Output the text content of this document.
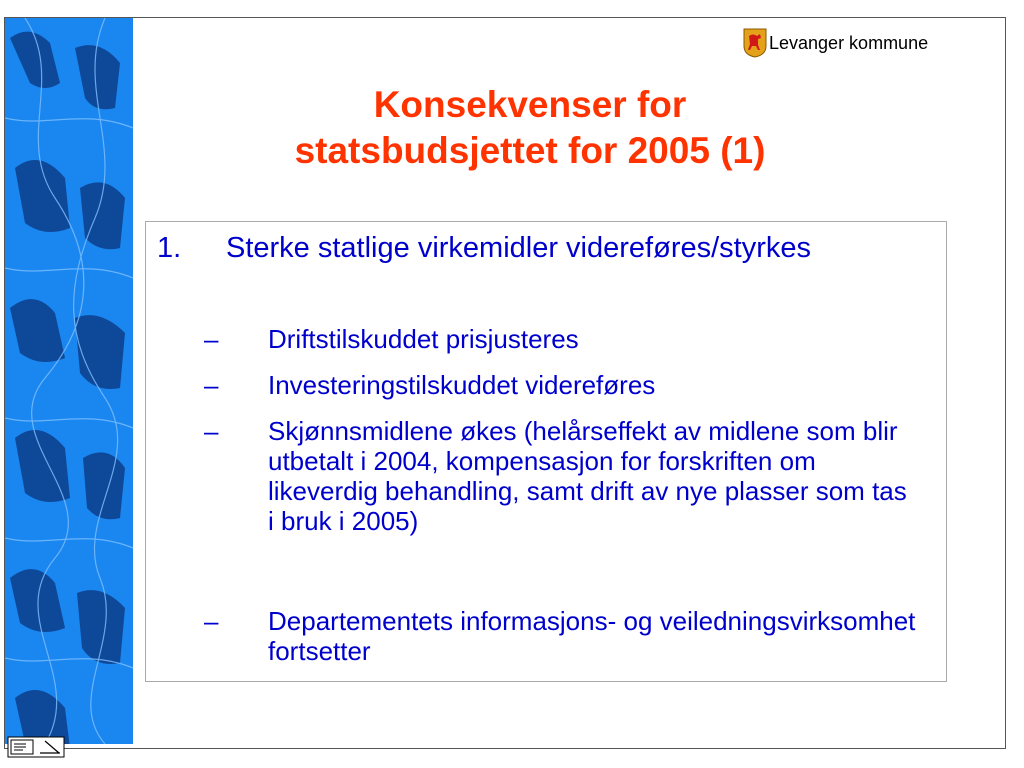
Levanger kommune
Konsekvenser for
statsbudsjettet for 2005 (1)
1. Sterke statlige virkemidler videreføres/styrkes
– Driftstilskuddet prisjusteres
– Investeringstilskuddet videreføres
– Skjønnsmidlene økes (helårseffekt av midlene som blir utbetalt i 2004, kompensasjon for forskriften om likeverdig behandling, samt drift av nye plasser som tas i bruk i 2005)
– Departementets informasjons- og veiledningsvirksomhet fortsetter
